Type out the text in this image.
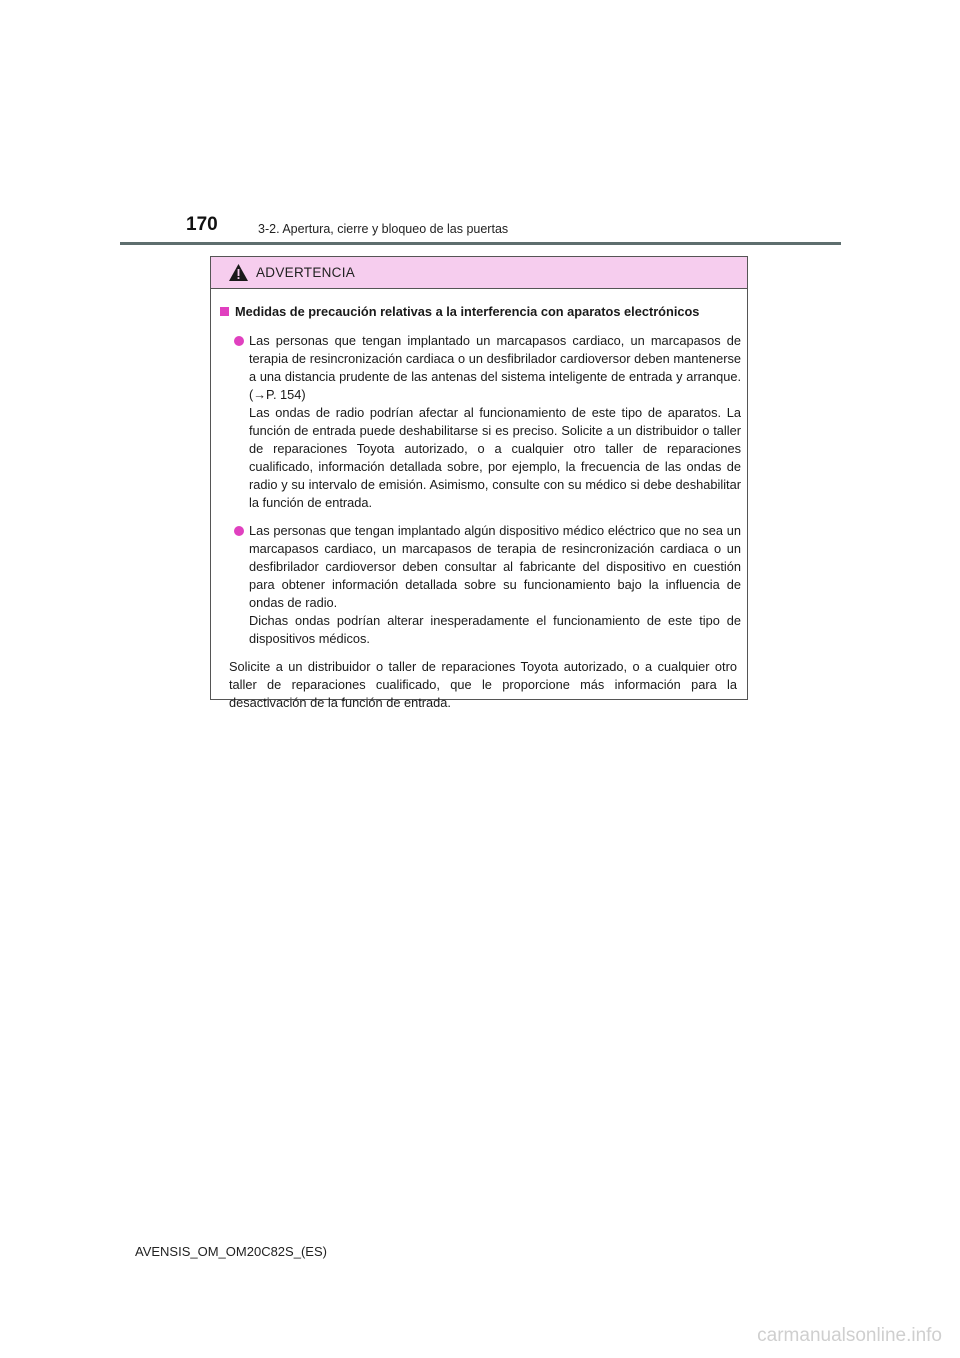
170	3-2. Apertura, cierre y bloqueo de las puertas
ADVERTENCIA
Medidas de precaución relativas a la interferencia con aparatos electrónicos
Las personas que tengan implantado un marcapasos cardiaco, un marcapasos de terapia de resincronización cardiaca o un desfibrilador cardioversor deben mantenerse a una distancia prudente de las antenas del sistema inteligente de entrada y arranque. (→P. 154)
Las ondas de radio podrían afectar al funcionamiento de este tipo de aparatos. La función de entrada puede deshabilitarse si es preciso. Solicite a un distribuidor o taller de reparaciones Toyota autorizado, o a cualquier otro taller de reparaciones cualificado, información detallada sobre, por ejemplo, la frecuencia de las ondas de radio y su intervalo de emisión. Asimismo, consulte con su médico si debe deshabilitar la función de entrada.
Las personas que tengan implantado algún dispositivo médico eléctrico que no sea un marcapasos cardiaco, un marcapasos de terapia de resincronización cardiaca o un desfibrilador cardioversor deben consultar al fabricante del dispositivo en cuestión para obtener información detallada sobre su funcionamiento bajo la influencia de ondas de radio.
Dichas ondas podrían alterar inesperadamente el funcionamiento de este tipo de dispositivos médicos.
Solicite a un distribuidor o taller de reparaciones Toyota autorizado, o a cualquier otro taller de reparaciones cualificado, que le proporcione más información para la desactivación de la función de entrada.
AVENSIS_OM_OM20C82S_(ES)
carmanualsonline.info
